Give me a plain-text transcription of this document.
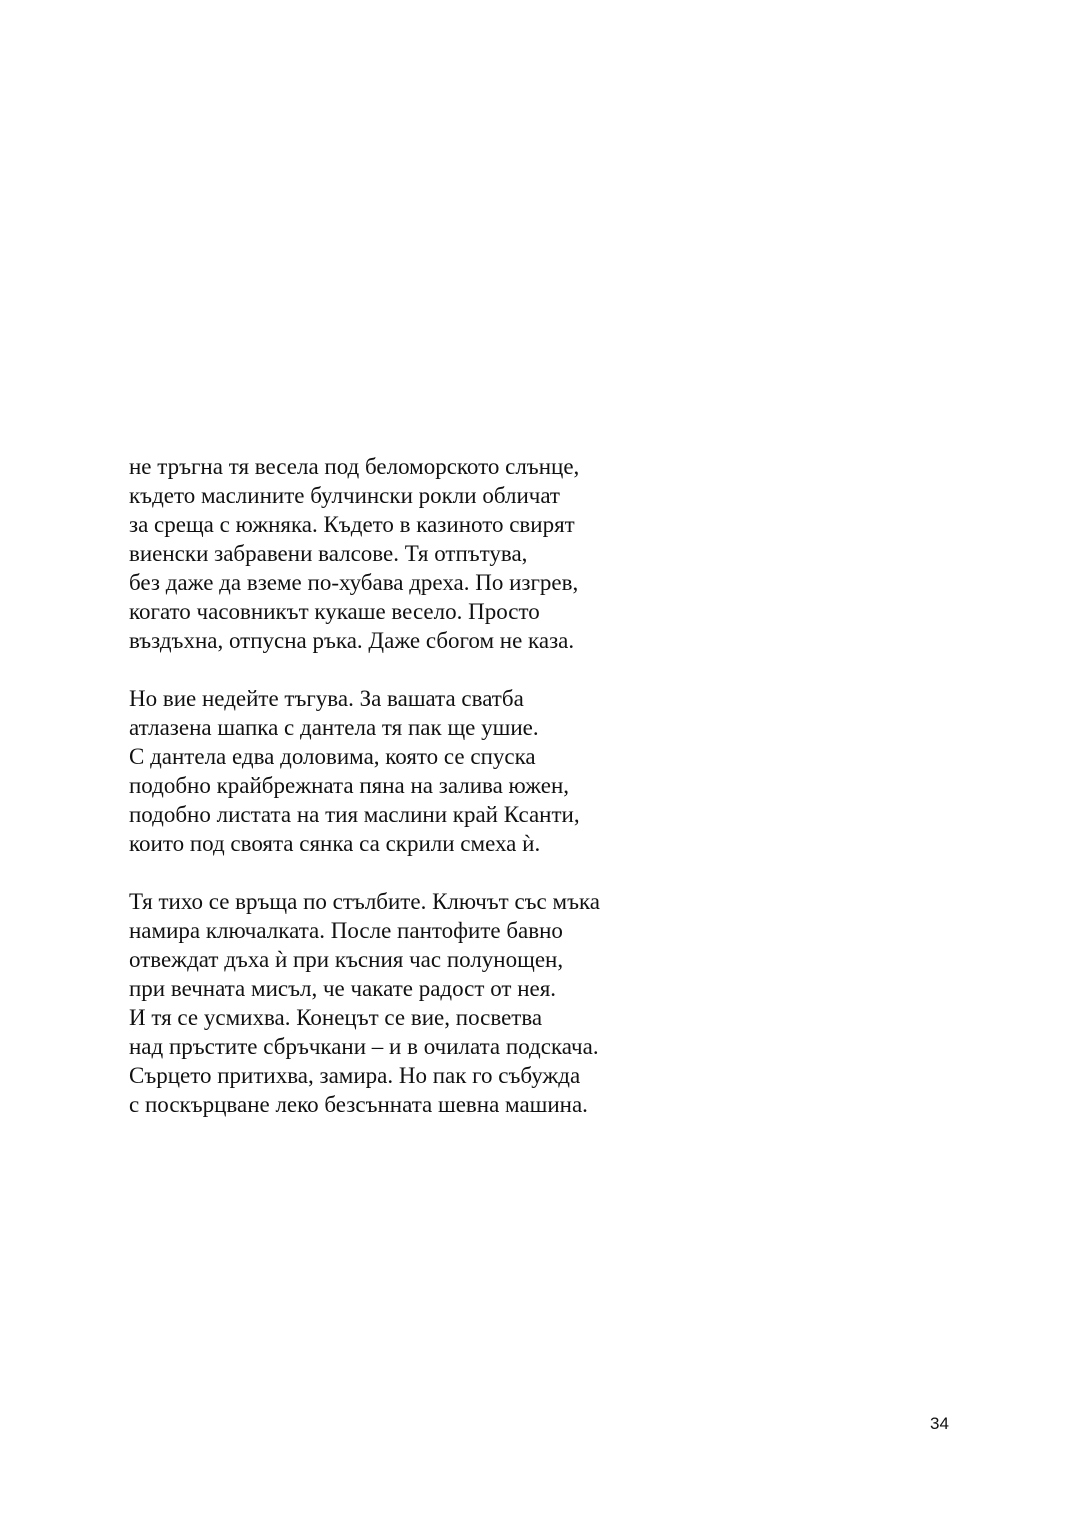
не тръгна тя весела под беломорското слънце,
където маслините булчински рокли обличат
за среща с южняка. Където в казиното свирят
виенски забравени валсове. Тя отпътува,
без даже да вземе по-хубава дреха. По изгрев,
когато часовникът кукаше весело. Просто
въздъхна, отпусна ръка. Даже сбогом не каза.
Но вие недейте тъгува. За вашата сватба
атлазена шапка с дантела тя пак ще ушие.
С дантела едва доловима, която се спуска
подобно крайбрежната пяна на залива южен,
подобно листата на тия маслини край Ксанти,
които под своята сянка са скрили смеха ѝ.
Тя тихо се връща по стълбите. Ключът със мъка
намира ключалката. После пантофите бавно
отвеждат дъха ѝ при късния час полунощен,
при вечната мисъл, че чакате радост от нея.
И тя се усмихва. Конецът се вие, посветва
над пръстите сбръчкани – и в очилата подскача.
Сърцето притихва, замира. Но пак го събужда
с поскърцване леко безсънната шевна машина.
34
